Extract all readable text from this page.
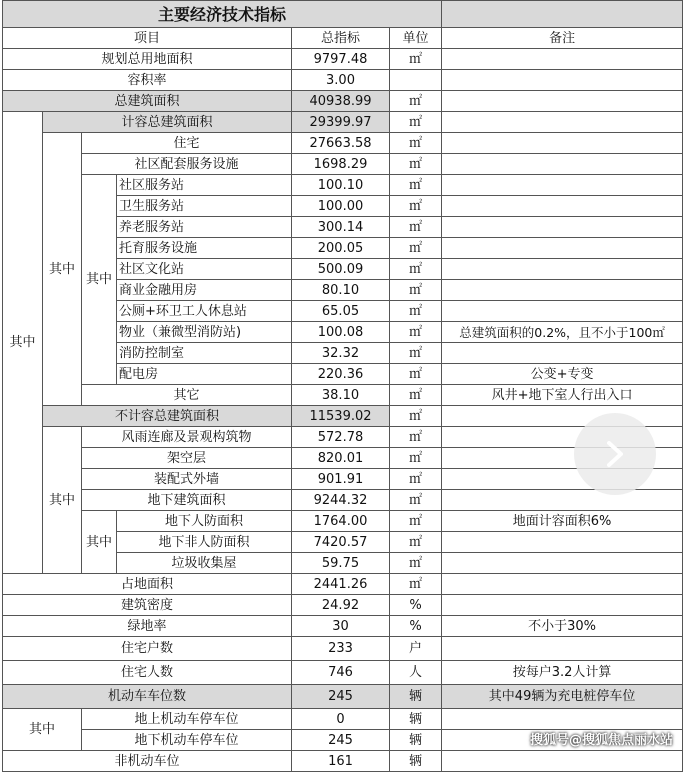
主要经济技术指标						
项目				总指标	单位	备注
规划总用地面积				9797.48	㎡	
容积率				3.00		
总建筑面积				40938.99	㎡	
其中	计容总建筑面积			29399.97	㎡	
	其中	住宅		27663.58	㎡	
		社区配套服务设施		1698.29	㎡	
		其中	社区服务站	100.10	㎡	
			卫生服务站	100.00	㎡	
			养老服务站	300.14	㎡	
			托育服务设施	200.05	㎡	
			社区文化站	500.09	㎡	
			商业金融用房	80.10	㎡	
			公厕+环卫工人休息站	65.05	㎡	
			物业（兼微型消防站)	100.08	㎡	总建筑面积的0.2%，且不小于100㎡
			消防控制室	32.32	㎡	
			配电房	220.36	㎡	公变+专变
		其它		38.10	㎡	风井+地下室人行出入口
	不计容总建筑面积			11539.02	㎡	
	其中	风雨连廊及景观构筑物		572.78	㎡	
		架空层		820.01	㎡	
		装配式外墙		901.91	㎡	
		地下建筑面积		9244.32	㎡	
		其中	地下人防面积	1764.00	㎡	地面计容面积6%
			地下非人防面积	7420.57	㎡	
			垃圾收集屋	59.75	㎡	
占地面积				2441.26	㎡	
建筑密度				24.92	%	
绿地率				30	%	不小于30%
住宅户数				233	户	
住宅人数				746	人	按每户3.2人计算
机动车车位数				245	辆	其中49辆为充电桩停车位
其中		地上机动车停车位		0	辆	
		地下机动车停车位		245	辆	
非机动车位				161	辆	
搜狐号@搜狐焦点丽水站
